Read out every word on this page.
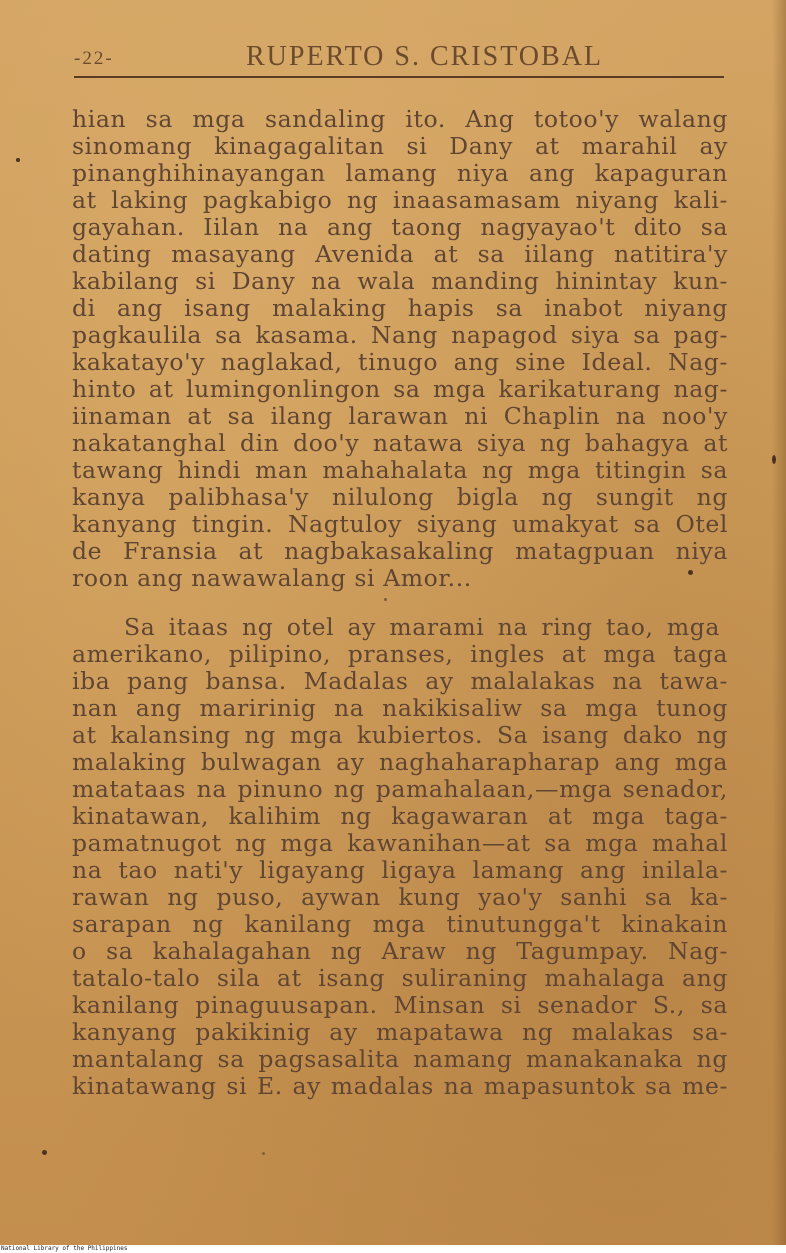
-22-	RUPERTO S. CRISTOBAL
hian sa mga sandaling ito. Ang totoo'y walang
sinomang kinagagalitan si Dany at marahil ay
pinanghihinayangan lamang niya ang kapaguran
at laking pagkabigo ng inaasamasam niyang kali-
gayahan. Iilan na ang taong nagyayao't dito sa
dating masayang Avenida at sa iilang natitira'y
kabilang si Dany na wala manding hinintay kun-
di ang isang malaking hapis sa inabot niyang
pagkaulila sa kasama. Nang napagod siya sa pag-
kakatayo'y naglakad, tinugo ang sine Ideal. Nag-
hinto at lumingonlingon sa mga karikaturang nag-
iinaman at sa ilang larawan ni Chaplin na noo'y
nakatanghal din doo'y natawa siya ng bahagya at
tawang hindi man mahahalata ng mga titingin sa
kanya palibhasa'y nilulong bigla ng sungit ng
kanyang tingin. Nagtuloy siyang umakyat sa Otel
de Fransia at nagbakasakaling matagpuan niya
roon ang nawawalang si Amor...
Sa itaas ng otel ay marami na ring tao, mga
amerikano, pilipino, pranses, ingles at mga taga
iba pang bansa. Madalas ay malalakas na tawa-
nan ang maririnig na nakikisaliw sa mga tunog
at kalansing ng mga kubiertos. Sa isang dako ng
malaking bulwagan ay naghaharapharap ang mga
matataas na pinuno ng pamahalaan,—mga senador,
kinatawan, kalihim ng kagawaran at mga taga-
pamatnugot ng mga kawanihan—at sa mga mahal
na tao nati'y ligayang ligaya lamang ang inilala-
rawan ng puso, aywan kung yao'y sanhi sa ka-
sarapan ng kanilang mga tinutungga't kinakain
o sa kahalagahan ng Araw ng Tagumpay. Nag-
tatalo-talo sila at isang suliraning mahalaga ang
kanilang pinaguusapan. Minsan si senador S., sa
kanyang pakikinig ay mapatawa ng malakas sa-
mantalang sa pagsasalita namang manakanaka ng
kinatawang si E. ay madalas na mapasuntok sa me-
National Library of the Philippines
